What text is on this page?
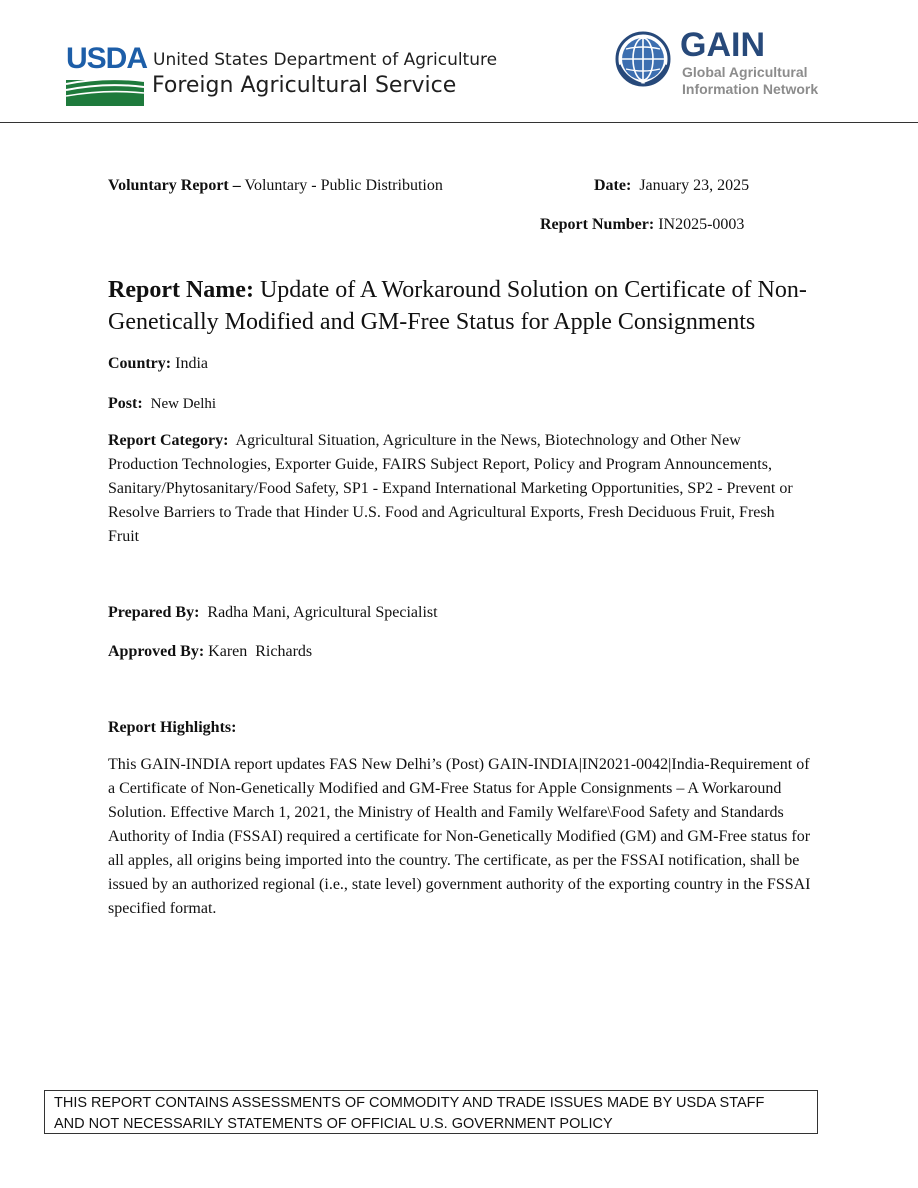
USDA United States Department of Agriculture
Foreign Agricultural Service
GAIN
Global Agricultural
Information Network
Voluntary Report – Voluntary - Public Distribution	Date: January 23, 2025
Report Number: IN2025-0003
Report Name: Update of A Workaround Solution on Certificate of Non-Genetically Modified and GM-Free Status for Apple Consignments
Country: India
Post: New Delhi
Report Category: Agricultural Situation, Agriculture in the News, Biotechnology and Other New Production Technologies, Exporter Guide, FAIRS Subject Report, Policy and Program Announcements, Sanitary/Phytosanitary/Food Safety, SP1 - Expand International Marketing Opportunities, SP2 - Prevent or Resolve Barriers to Trade that Hinder U.S. Food and Agricultural Exports, Fresh Deciduous Fruit, Fresh Fruit
Prepared By: Radha Mani, Agricultural Specialist
Approved By: Karen  Richards
Report Highlights:
This GAIN-INDIA report updates FAS New Delhi’s (Post) GAIN-INDIA|IN2021-0042|India-Requirement of a Certificate of Non-Genetically Modified and GM-Free Status for Apple Consignments – A Workaround Solution. Effective March 1, 2021, the Ministry of Health and Family Welfare\Food Safety and Standards Authority of India (FSSAI) required a certificate for Non-Genetically Modified (GM) and GM-Free status for all apples, all origins being imported into the country. The certificate, as per the FSSAI notification, shall be issued by an authorized regional (i.e., state level) government authority of the exporting country in the FSSAI specified format.
THIS REPORT CONTAINS ASSESSMENTS OF COMMODITY AND TRADE ISSUES MADE BY USDA STAFF
AND NOT NECESSARILY STATEMENTS OF OFFICIAL U.S. GOVERNMENT POLICY
